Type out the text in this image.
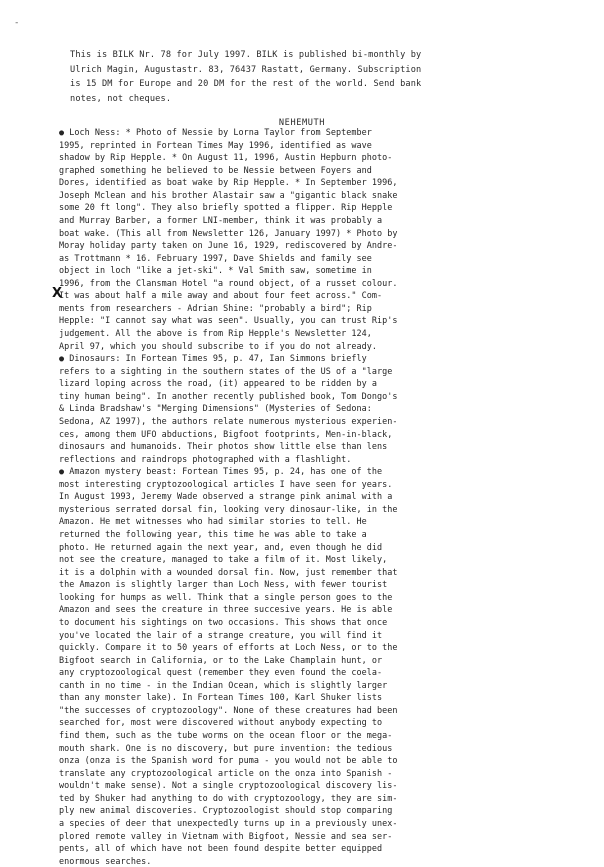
-
This is BILK Nr. 78 for July 1997. BILK is published bi-monthly by
Ulrich Magin, Augustastr. 83, 76437 Rastatt, Germany. Subscription
is 15 DM for Europe and 20 DM for the rest of the world. Send bank
notes, not cheques.
NEHEMUTH
● Loch Ness: * Photo of Nessie by Lorna Taylor from September
1995, reprinted in Fortean Times May 1996, identified as wave
shadow by Rip Hepple. * On August 11, 1996, Austin Hepburn photo-
graphed something he believed to be Nessie between Foyers and
Dores, identified as boat wake by Rip Hepple. * In September 1996,
Joseph Mclean and his brother Alastair saw a "gigantic black snake
some 20 ft long". They also briefly spotted a flipper. Rip Hepple
and Murray Barber, a former LNI-member, think it was probably a
boat wake. (This all from Newsletter 126, January 1997) * Photo by
Moray holiday party taken on June 16, 1929, rediscovered by Andre-
as Trottmann * 16. February 1997, Dave Shields and family see
object in loch "like a jet-ski". * Val Smith saw, sometime in
1996, from the Clansman Hotel "a round object, of a russet colour.
It was about half a mile away and about four feet across." Com-
ments from researchers - Adrian Shine: "probably a bird"; Rip
Hepple: "I cannot say what was seen". Usually, you can trust Rip's
judgement. All the above is from Rip Hepple's Newsletter 124,
April 97, which you should subscribe to if you do not already.
● Dinosaurs: In Fortean Times 95, p. 47, Ian Simmons briefly
refers to a sighting in the southern states of the US of a "large
lizard loping across the road, (it) appeared to be ridden by a
tiny human being". In another recently published book, Tom Dongo's
& Linda Bradshaw's "Merging Dimensions" (Mysteries of Sedona:
Sedona, AZ 1997), the authors relate numerous mysterious experien-
ces, among them UFO abductions, Bigfoot footprints, Men-in-black,
dinosaurs and humanoids. Their photos show little else than lens
reflections and raindrops photographed with a flashlight.
● Amazon mystery beast: Fortean Times 95, p. 24, has one of the
most interesting cryptozoological articles I have seen for years.
In August 1993, Jeremy Wade observed a strange pink animal with a
mysterious serrated dorsal fin, looking very dinosaur-like, in the
Amazon. He met witnesses who had similar stories to tell. He
returned the following year, this time he was able to take a
photo. He returned again the next year, and, even though he did
not see the creature, managed to take a film of it. Most likely,
it is a dolphin with a wounded dorsal fin. Now, just remember that
the Amazon is slightly larger than Loch Ness, with fewer tourist
looking for humps as well. Think that a single person goes to the
Amazon and sees the creature in three succesive years. He is able
to document his sightings on two occasions. This shows that once
you've located the lair of a strange creature, you will find it
quickly. Compare it to 50 years of efforts at Loch Ness, or to the
Bigfoot search in California, or to the Lake Champlain hunt, or
any cryptozoological quest (remember they even found the coela-
canth in no time - in the Indian Ocean, which is slightly larger
than any monster lake). In Fortean Times 100, Karl Shuker lists
"the successes of cryptozoology". None of these creatures had been
searched for, most were discovered without anybody expecting to
find them, such as the tube worms on the ocean floor or the mega-
mouth shark. One is no discovery, but pure invention: the tedious
onza (onza is the Spanish word for puma - you would not be able to
translate any cryptozoological article on the onza into Spanish -
wouldn't make sense). Not a single cryptozoological discovery lis-
ted by Shuker had anything to do with cryptozoology, they are sim-
ply new animal discoveries. Cryptozoologist should stop comparing
a species of deer that unexpectedly turns up in a previously unex-
plored remote valley in Vietnam with Bigfoot, Nessie and sea ser-
pents, all of which have not been found despite better equipped
enormous searches.
X
